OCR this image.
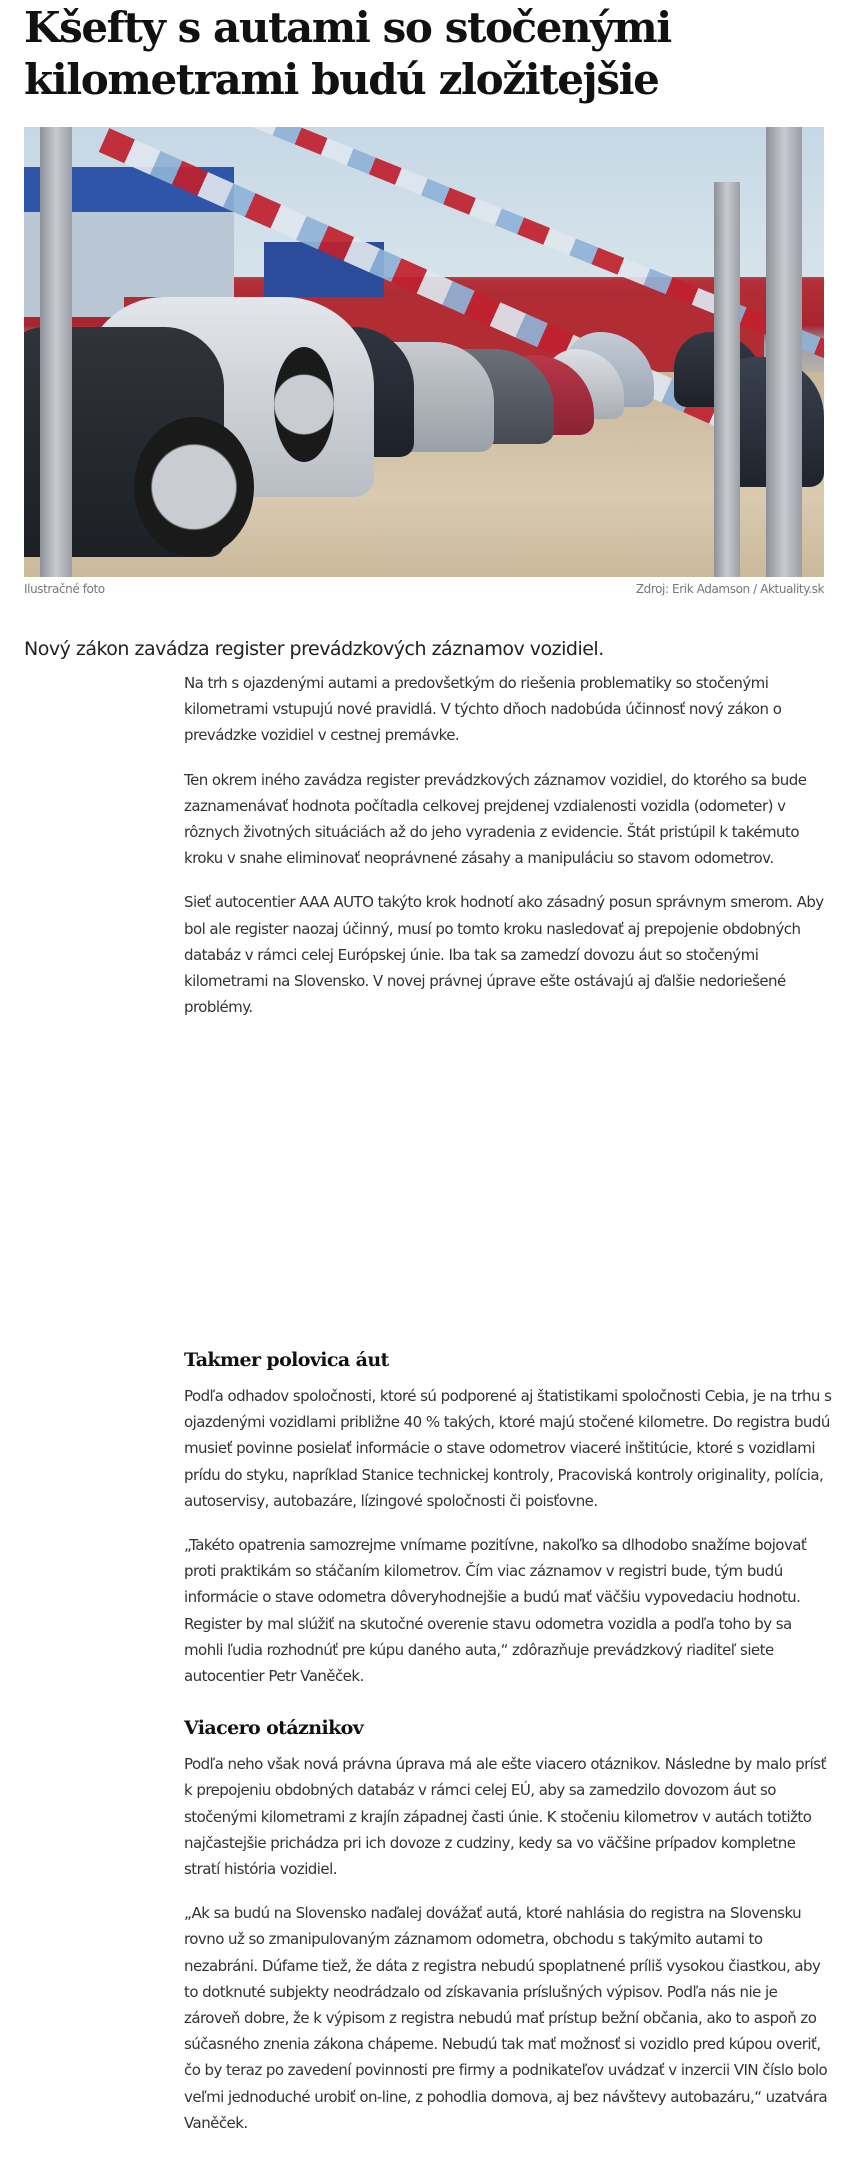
Kšefty s autami so stočenými kilometrami budú zložitejšie
Ilustračné foto	Zdroj: Erik Adamson / Aktuality.sk

Nový zákon zavádza register prevádzkových záznamov vozidiel.

Na trh s ojazdenými autami a predovšetkým do riešenia problematiky so stočenými kilometrami vstupujú nové pravidlá. V týchto dňoch nadobúda účinnosť nový zákon o prevádzke vozidiel v cestnej premávke.

Ten okrem iného zavádza register prevádzkových záznamov vozidiel, do ktorého sa bude zaznamenávať hodnota počítadla celkovej prejdenej vzdialenosti vozidla (odometer) v rôznych životných situáciách až do jeho vyradenia z evidencie. Štát pristúpil k takémuto kroku v snahe eliminovať neoprávnené zásahy a manipuláciu so stavom odometrov.

Sieť autocentier AAA AUTO takýto krok hodnotí ako zásadný posun správnym smerom. Aby bol ale register naozaj účinný, musí po tomto kroku nasledovať aj prepojenie obdobných databáz v rámci celej Európskej únie. Iba tak sa zamedzí dovozu áut so stočenými kilometrami na Slovensko. V novej právnej úprave ešte ostávajú aj ďalšie nedoriešené problémy.

Takmer polovica áut

Podľa odhadov spoločnosti, ktoré sú podporené aj štatistikami spoločnosti Cebia, je na trhu s ojazdenými vozidlami približne 40 % takých, ktoré majú stočené kilometre. Do registra budú musieť povinne posielať informácie o stave odometrov viaceré inštitúcie, ktoré s vozidlami prídu do styku, napríklad Stanice technickej kontroly, Pracoviská kontroly originality, polícia, autoservisy, autobazáre, lízingové spoločnosti či poisťovne.

„Takéto opatrenia samozrejme vnímame pozitívne, nakoľko sa dlhodobo snažíme bojovať proti praktikám so stáčaním kilometrov. Čím viac záznamov v registri bude, tým budú informácie o stave odometra dôveryhodnejšie a budú mať väčšiu vypovedaciu hodnotu. Register by mal slúžiť na skutočné overenie stavu odometra vozidla a podľa toho by sa mohli ľudia rozhodnúť pre kúpu daného auta,“ zdôrazňuje prevádzkový riaditeľ siete autocentier Petr Vaněček.

Viacero otáznikov

Podľa neho však nová právna úprava má ale ešte viacero otáznikov. Následne by malo prísť k prepojeniu obdobných databáz v rámci celej EÚ, aby sa zamedzilo dovozom áut so stočenými kilometrami z krajín západnej časti únie. K stočeniu kilometrov v autách totižto najčastejšie prichádza pri ich dovoze z cudziny, kedy sa vo väčšine prípadov kompletne stratí história vozidiel.

„Ak sa budú na Slovensko naďalej dovážať autá, ktoré nahlásia do registra na Slovensku rovno už so zmanipulovaným záznamom odometra, obchodu s takýmito autami to nezabráni. Dúfame tiež, že dáta z registra nebudú spoplatnené príliš vysokou čiastkou, aby to dotknuté subjekty neodrádzalo od získavania príslušných výpisov. Podľa nás nie je zároveň dobre, že k výpisom z registra nebudú mať prístup bežní občania, ako to aspoň zo súčasného znenia zákona chápeme. Nebudú tak mať možnosť si vozidlo pred kúpou overiť, čo by teraz po zavedení povinnosti pre firmy a podnikateľov uvádzať v inzercii VIN číslo bolo veľmi jednoduché urobiť on-line, z pohodlia domova, aj bez návštevy autobazáru,“ uzatvára Vaněček.
